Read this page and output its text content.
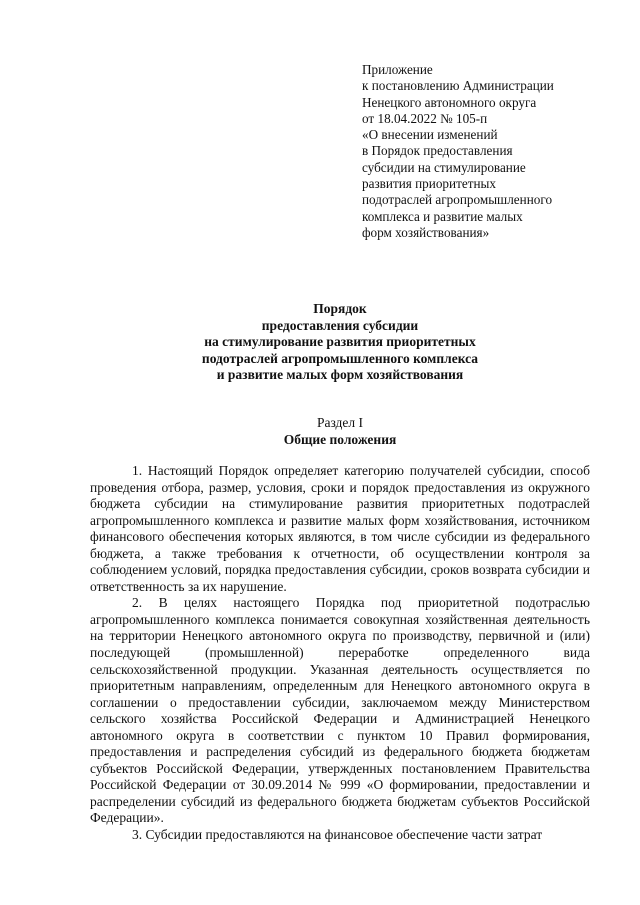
Приложение
к постановлению Администрации
Ненецкого автономного округа
от 18.04.2022 № 105-п
«О внесении изменений
в Порядок предоставления
субсидии на стимулирование
развития приоритетных
подотраслей агропромышленного
комплекса и развитие малых
форм хозяйствования»
Порядок
предоставления субсидии
на стимулирование развития приоритетных
подотраслей агропромышленного комплекса
и развитие малых форм хозяйствования
Раздел I
Общие положения

1. Настоящий Порядок определяет категорию получателей субсидии, способ проведения отбора, размер, условия, сроки и порядок предоставления из окружного бюджета субсидии на стимулирование развития приоритетных подотраслей агропромышленного комплекса и развитие малых форм хозяйствования, источником финансового обеспечения которых являются, в том числе субсидии из федерального бюджета, а также требования к отчетности, об осуществлении контроля за соблюдением условий, порядка предоставления субсидии, сроков возврата субсидии и ответственность за их нарушение.

2. В целях настоящего Порядка под приоритетной подотраслью агропромышленного комплекса понимается совокупная хозяйственная деятельность на территории Ненецкого автономного округа по производству, первичной и (или) последующей (промышленной) переработке определенного вида сельскохозяйственной продукции. Указанная деятельность осуществляется по приоритетным направлениям, определенным для Ненецкого автономного округа в соглашении о предоставлении субсидии, заключаемом между Министерством сельского хозяйства Российской Федерации и Администрацией Ненецкого автономного округа в соответствии с пунктом 10 Правил формирования, предоставления и распределения субсидий из федерального бюджета бюджетам субъектов Российской Федерации, утвержденных постановлением Правительства Российской Федерации от 30.09.2014 № 999 «О формировании, предоставлении и распределении субсидий из федерального бюджета бюджетам субъектов Российской Федерации».

3. Субсидии предоставляются на финансовое обеспечение части затрат
